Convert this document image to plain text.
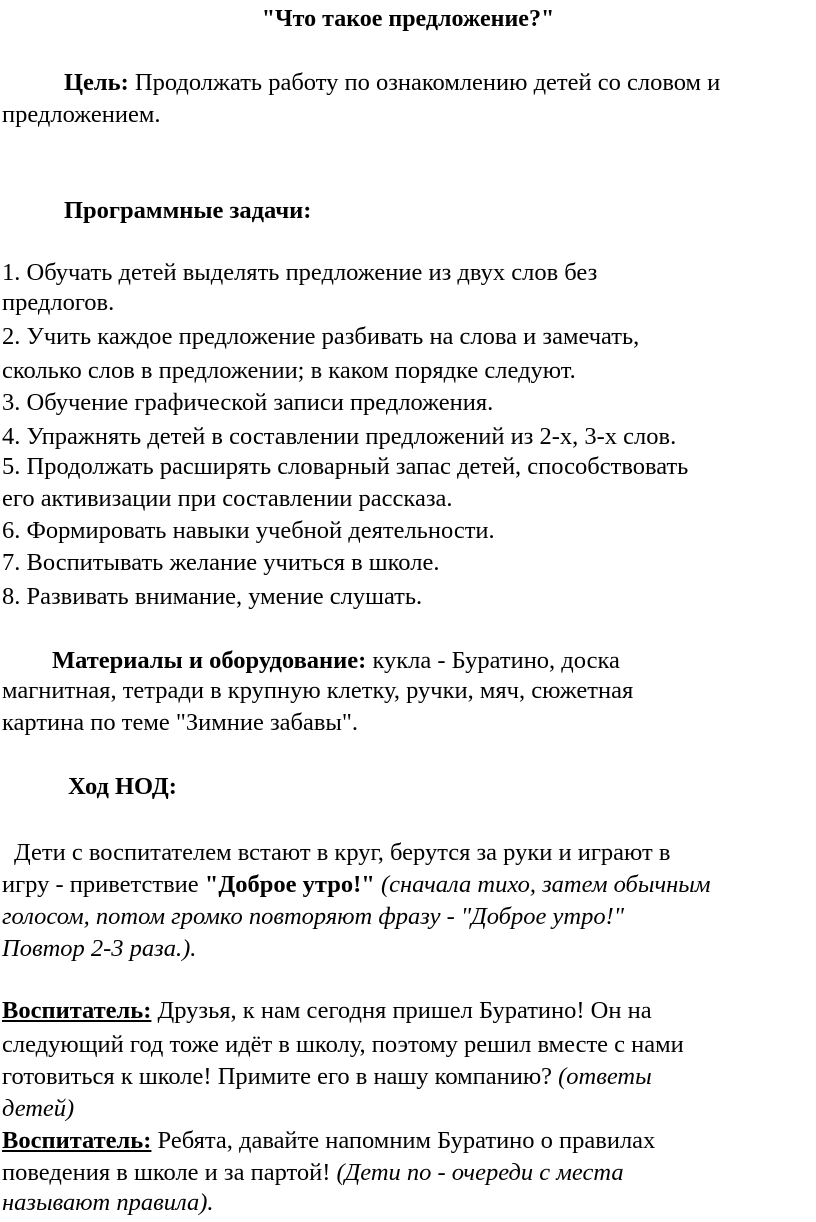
"Что такое предложение?"
Цель: Продолжать работу по ознакомлению детей со словом и
предложением.
Программные задачи:
1. Обучать детей выделять предложение из двух слов без
предлогов.
2. Учить каждое предложение разбивать на слова и замечать,
сколько слов в предложении; в каком порядке следуют.
3. Обучение графической записи предложения.
4. Упражнять детей в составлении предложений из 2-х, 3-х слов.
5. Продолжать расширять словарный запас детей, способствовать
его активизации при составлении рассказа.
6. Формировать навыки учебной деятельности.
7. Воспитывать желание учиться в школе.
8. Развивать внимание, умение слушать.
Материалы и оборудование: кукла - Буратино, доска
магнитная, тетради в крупную клетку, ручки, мяч, сюжетная
картина по теме "Зимние забавы".
Ход НОД:
Дети с воспитателем встают в круг, берутся за руки и играют в
игру - приветствие "Доброе утро!" (сначала тихо, затем обычным
голосом, потом громко повторяют фразу - "Доброе утро!"
Повтор 2-3 раза.).
Воспитатель: Друзья, к нам сегодня пришел Буратино! Он на
следующий год тоже идёт в школу, поэтому решил вместе с нами
готовиться к школе! Примите его в нашу компанию? (ответы
детей)
Воспитатель: Ребята, давайте напомним Буратино о правилах
поведения в школе и за партой! (Дети по - очереди с места
называют правила).
